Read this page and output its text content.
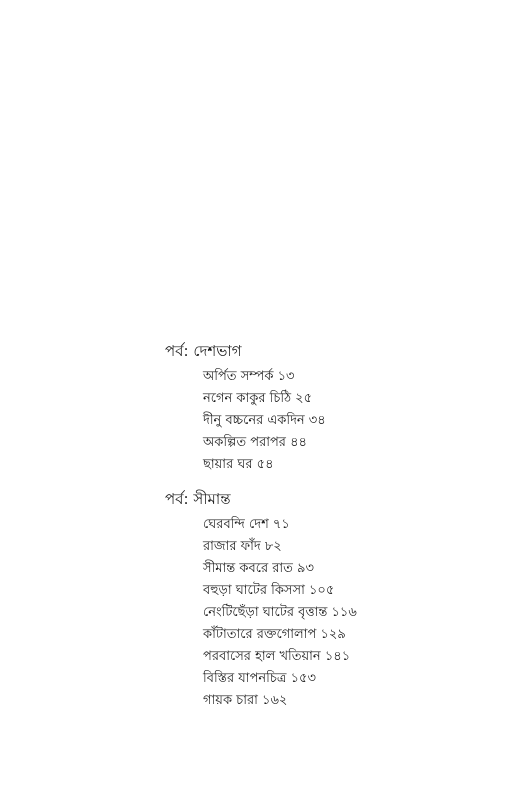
পর্ব: দেশভাগ
অর্পিত সম্পর্ক ১৩
নগেন কাকুর চিঠি ২৫
দীনু বচ্চনের একদিন ৩৪
অকল্পিত পরাপর ৪৪
ছায়ার ঘর ৫৪
পর্ব: সীমান্ত
ঘেরবন্দি দেশ ৭১
রাজার ফাঁদ ৮২
সীমান্ত কবরে রাত ৯৩
বহুড়া ঘাটের কিসসা ১০৫
নেংটিছেঁড়া ঘাটের বৃত্তান্ত ১১৬
কাঁটাতারে রক্তগোলাপ ১২৯
পরবাসের হাল খতিয়ান ১৪১
বিস্তির যাপনচিত্র ১৫৩
গায়ক চারা ১৬২
